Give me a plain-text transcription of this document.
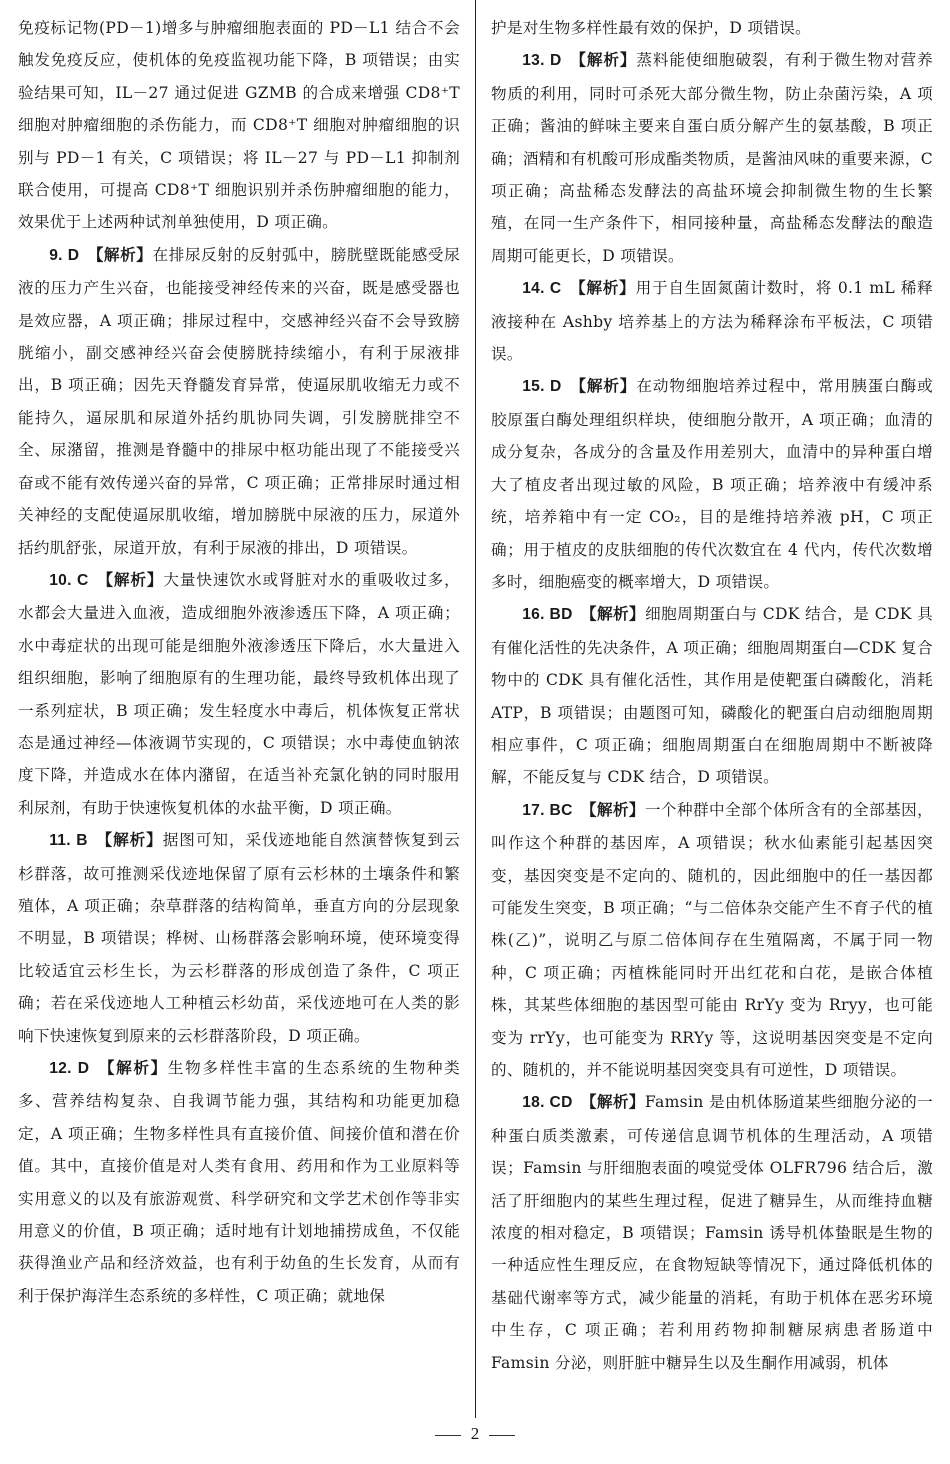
免疫标记物(PD－1)增多与肿瘤细胞表面的 PD－L1 结合不会触发免疫反应，使机体的免疫监视功能下降，B 项错误；由实验结果可知，IL－27 通过促进 GZMB 的合成来增强 CD8⁺T 细胞对肿瘤细胞的杀伤能力，而 CD8⁺T 细胞对肿瘤细胞的识别与 PD－1 有关，C 项错误；将 IL－27 与 PD－L1 抑制剂联合使用，可提高 CD8⁺T 细胞识别并杀伤肿瘤细胞的能力，效果优于上述两种试剂单独使用，D 项正确。

9. D  【解析】在排尿反射的反射弧中，膀胱壁既能感受尿液的压力产生兴奋，也能接受神经传来的兴奋，既是感受器也是效应器，A 项正确；排尿过程中，交感神经兴奋不会导致膀胱缩小，副交感神经兴奋会使膀胱持续缩小，有利于尿液排出，B 项正确；因先天脊髓发育异常，使逼尿肌收缩无力或不能持久，逼尿肌和尿道外括约肌协同失调，引发膀胱排空不全、尿潴留，推测是脊髓中的排尿中枢功能出现了不能接受兴奋或不能有效传递兴奋的异常，C 项正确；正常排尿时通过相关神经的支配使逼尿肌收缩，增加膀胱中尿液的压力，尿道外括约肌舒张，尿道开放，有利于尿液的排出，D 项错误。

10. C  【解析】大量快速饮水或肾脏对水的重吸收过多，水都会大量进入血液，造成细胞外液渗透压下降，A 项正确；水中毒症状的出现可能是细胞外液渗透压下降后，水大量进入组织细胞，影响了细胞原有的生理功能，最终导致机体出现了一系列症状，B 项正确；发生轻度水中毒后，机体恢复正常状态是通过神经—体液调节实现的，C 项错误；水中毒使血钠浓度下降，并造成水在体内潴留，在适当补充氯化钠的同时服用利尿剂，有助于快速恢复机体的水盐平衡，D 项正确。

11. B  【解析】据图可知，采伐迹地能自然演替恢复到云杉群落，故可推测采伐迹地保留了原有云杉林的土壤条件和繁殖体，A 项正确；杂草群落的结构简单，垂直方向的分层现象不明显，B 项错误；桦树、山杨群落会影响环境，使环境变得比较适宜云杉生长，为云杉群落的形成创造了条件，C 项正确；若在采伐迹地人工种植云杉幼苗，采伐迹地可在人类的影响下快速恢复到原来的云杉群落阶段，D 项正确。

12. D  【解析】生物多样性丰富的生态系统的生物种类多、营养结构复杂、自我调节能力强，其结构和功能更加稳定，A 项正确；生物多样性具有直接价值、间接价值和潜在价值。其中，直接价值是对人类有食用、药用和作为工业原料等实用意义的以及有旅游观赏、科学研究和文学艺术创作等非实用意义的价值，B 项正确；适时地有计划地捕捞成鱼，不仅能获得渔业产品和经济效益，也有利于幼鱼的生长发育，从而有利于保护海洋生态系统的多样性，C 项正确；就地保

护是对生物多样性最有效的保护，D 项错误。

13. D  【解析】蒸料能使细胞破裂，有利于微生物对营养物质的利用，同时可杀死大部分微生物，防止杂菌污染，A 项正确；酱油的鲜味主要来自蛋白质分解产生的氨基酸，B 项正确；酒精和有机酸可形成酯类物质，是酱油风味的重要来源，C 项正确；高盐稀态发酵法的高盐环境会抑制微生物的生长繁殖，在同一生产条件下，相同接种量，高盐稀态发酵法的酿造周期可能更长，D 项错误。

14. C  【解析】用于自生固氮菌计数时，将 0.1 mL 稀释液接种在 Ashby 培养基上的方法为稀释涂布平板法，C 项错误。

15. D  【解析】在动物细胞培养过程中，常用胰蛋白酶或胶原蛋白酶处理组织样块，使细胞分散开，A 项正确；血清的成分复杂，各成分的含量及作用差别大，血清中的异种蛋白增大了植皮者出现过敏的风险，B 项正确；培养液中有缓冲系统，培养箱中有一定 CO₂，目的是维持培养液 pH，C 项正确；用于植皮的皮肤细胞的传代次数宜在 4 代内，传代次数增多时，细胞癌变的概率增大，D 项错误。

16. BD  【解析】细胞周期蛋白与 CDK 结合，是 CDK 具有催化活性的先决条件，A 项正确；细胞周期蛋白—CDK 复合物中的 CDK 具有催化活性，其作用是使靶蛋白磷酸化，消耗 ATP，B 项错误；由题图可知，磷酸化的靶蛋白启动细胞周期相应事件，C 项正确；细胞周期蛋白在细胞周期中不断被降解，不能反复与 CDK 结合，D 项错误。

17. BC  【解析】一个种群中全部个体所含有的全部基因，叫作这个种群的基因库，A 项错误；秋水仙素能引起基因突变，基因突变是不定向的、随机的，因此细胞中的任一基因都可能发生突变，B 项正确；“与二倍体杂交能产生不育子代的植株(乙)”，说明乙与原二倍体间存在生殖隔离，不属于同一物种，C 项正确；丙植株能同时开出红花和白花，是嵌合体植株，其某些体细胞的基因型可能由 RrYy 变为 Rryy，也可能变为 rrYy，也可能变为 RRYy 等，这说明基因突变是不定向的、随机的，并不能说明基因突变具有可逆性，D 项错误。

18. CD  【解析】Famsin 是由机体肠道某些细胞分泌的一种蛋白质类激素，可传递信息调节机体的生理活动，A 项错误；Famsin 与肝细胞表面的嗅觉受体 OLFR796 结合后，激活了肝细胞内的某些生理过程，促进了糖异生，从而维持血糖浓度的相对稳定，B 项错误；Famsin 诱导机体蛰眠是生物的一种适应性生理反应，在食物短缺等情况下，通过降低机体的基础代谢率等方式，减少能量的消耗，有助于机体在恶劣环境中生存，C 项正确；若利用药物抑制糖尿病患者肠道中 Famsin 分泌，则肝脏中糖异生以及生酮作用减弱，机体

2
